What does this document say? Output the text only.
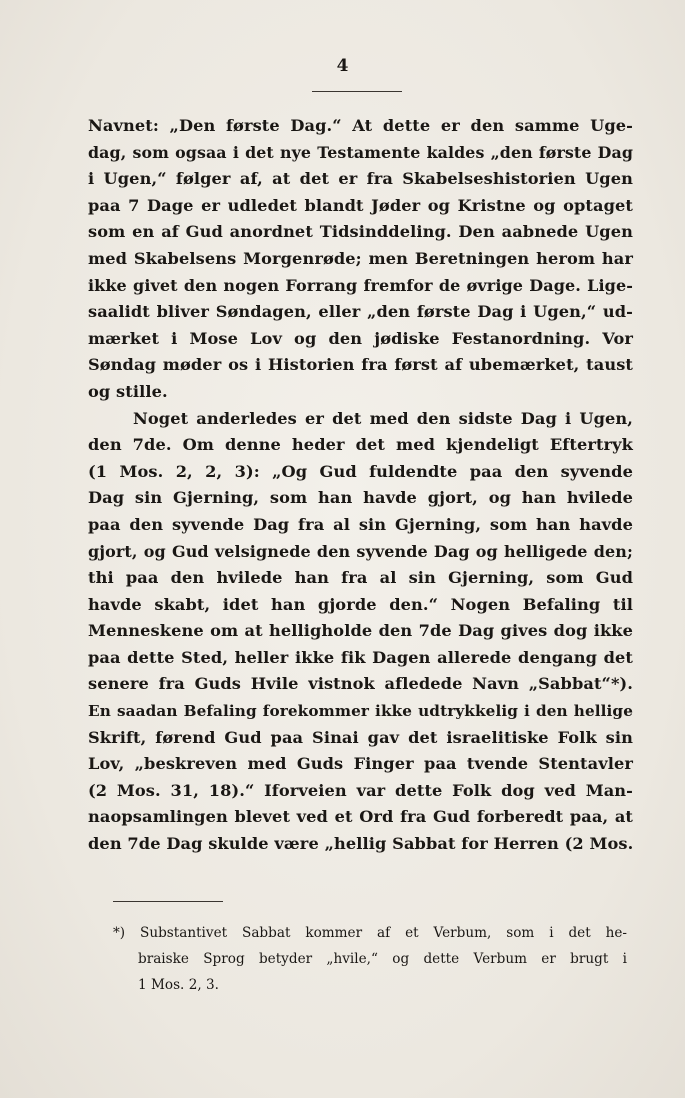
4
Navnet: „Den første Dag.“ At dette er den samme Uge-
dag, som ogsaa i det nye Testamente kaldes „den første Dag
i Ugen,“ følger af, at det er fra Skabelseshistorien Ugen
paa 7 Dage er udledet blandt Jøder og Kristne og optaget
som en af Gud anordnet Tidsinddeling. Den aabnede Ugen
med Skabelsens Morgenrøde; men Beretningen herom har
ikke givet den nogen Forrang fremfor de øvrige Dage. Lige-
saalidt bliver Søndagen, eller „den første Dag i Ugen,“ ud-
mærket i Mose Lov og den jødiske Festanordning. Vor
Søndag møder os i Historien fra først af ubemærket, taust
og stille.
Noget anderledes er det med den sidste Dag i Ugen,
den 7de. Om denne heder det med kjendeligt Eftertryk
(1 Mos. 2, 2, 3): „Og Gud fuldendte paa den syvende
Dag sin Gjerning, som han havde gjort, og han hvilede
paa den syvende Dag fra al sin Gjerning, som han havde
gjort, og Gud velsignede den syvende Dag og helligede den;
thi paa den hvilede han fra al sin Gjerning, som Gud
havde skabt, idet han gjorde den.“ Nogen Befaling til
Menneskene om at helligholde den 7de Dag gives dog ikke
paa dette Sted, heller ikke fik Dagen allerede dengang det
senere fra Guds Hvile vistnok afledede Navn „Sabbat“*).
En saadan Befaling forekommer ikke udtrykkelig i den hellige
Skrift, førend Gud paa Sinai gav det israelitiske Folk sin
Lov, „beskreven med Guds Finger paa tvende Stentavler
(2 Mos. 31, 18).“ Iforveien var dette Folk dog ved Man-
naopsamlingen blevet ved et Ord fra Gud forberedt paa, at
den 7de Dag skulde være „hellig Sabbat for Herren (2 Mos.
*) Substantivet Sabbat kommer af et Verbum, som i det he-
braiske Sprog betyder „hvile,“ og dette Verbum er brugt i
1 Mos. 2, 3.
